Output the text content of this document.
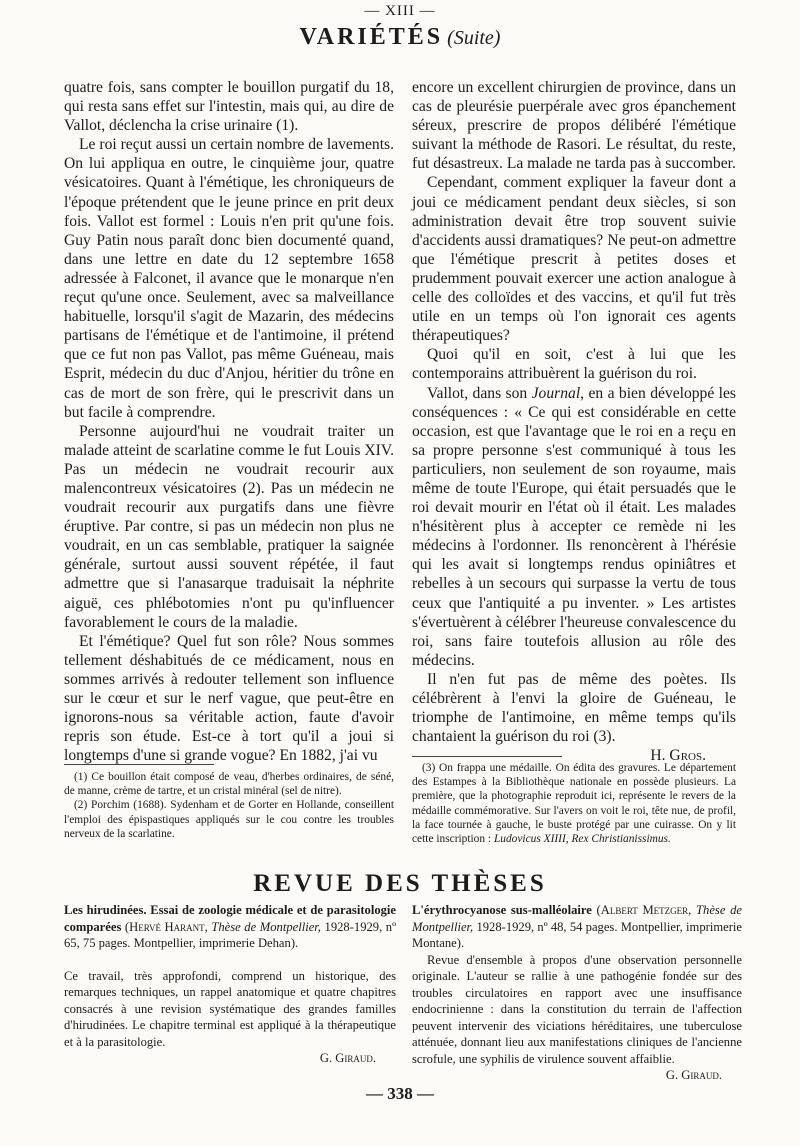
— XIII —
VARIÉTÉS (Suite)

quatre fois, sans compter le bouillon purgatif du 18, qui resta sans effet sur l'intestin, mais qui, au dire de Vallot, déclencha la crise urinaire (1).

Le roi reçut aussi un certain nombre de lavements. On lui appliqua en outre, le cinquième jour, quatre vésicatoires. Quant à l'émétique, les chroniqueurs de l'époque prétendent que le jeune prince en prit deux fois. Vallot est formel : Louis n'en prit qu'une fois. Guy Patin nous paraît donc bien documenté quand, dans une lettre en date du 12 septembre 1658 adressée à Falconet, il avance que le monarque n'en reçut qu'une once. Seulement, avec sa malveillance habituelle, lorsqu'il s'agit de Mazarin, des médecins partisans de l'émétique et de l'antimoine, il prétend que ce fut non pas Vallot, pas même Guéneau, mais Esprit, médecin du duc d'Anjou, héritier du trône en cas de mort de son frère, qui le prescrivit dans un but facile à comprendre.

Personne aujourd'hui ne voudrait traiter un malade atteint de scarlatine comme le fut Louis XIV. Pas un médecin ne voudrait recourir aux malencontreux vésicatoires (2). Pas un médecin ne voudrait recourir aux purgatifs dans une fièvre éruptive. Par contre, si pas un médecin non plus ne voudrait, en un cas semblable, pratiquer la saignée générale, surtout aussi souvent répétée, il faut admettre que si l'anasarque traduisait la néphrite aiguë, ces phlébotomies n'ont pu qu'influencer favorablement le cours de la maladie.

Et l'émétique? Quel fut son rôle? Nous sommes tellement déshabitués de ce médicament, nous en sommes arrivés à redouter tellement son influence sur le cœur et sur le nerf vague, que peut-être en ignorons-nous sa véritable action, faute d'avoir repris son étude. Est-ce à tort qu'il a joui si longtemps d'une si grande vogue? En 1882, j'ai vu

encore un excellent chirurgien de province, dans un cas de pleurésie puerpérale avec gros épanchement séreux, prescrire de propos délibéré l'émétique suivant la méthode de Rasori. Le résultat, du reste, fut désastreux. La malade ne tarda pas à succomber.

Cependant, comment expliquer la faveur dont a joui ce médicament pendant deux siècles, si son administration devait être trop souvent suivie d'accidents aussi dramatiques? Ne peut-on admettre que l'émétique prescrit à petites doses et prudemment pouvait exercer une action analogue à celle des colloïdes et des vaccins, et qu'il fut très utile en un temps où l'on ignorait ces agents thérapeutiques?

Quoi qu'il en soit, c'est à lui que les contemporains attribuèrent la guérison du roi.

Vallot, dans son Journal, en a bien développé les conséquences : « Ce qui est considérable en cette occasion, est que l'avantage que le roi en a reçu en sa propre personne s'est communiqué à tous les particuliers, non seulement de son royaume, mais même de toute l'Europe, qui était persuadés que le roi devait mourir en l'état où il était. Les malades n'hésitèrent plus à accepter ce remède ni les médecins à l'ordonner. Ils renoncèrent à l'hérésie qui les avait si longtemps rendus opiniâtres et rebelles à un secours qui surpasse la vertu de tous ceux que l'antiquité a pu inventer. » Les artistes s'évertuèrent à célébrer l'heureuse convalescence du roi, sans faire toutefois allusion au rôle des médecins.

Il n'en fut pas de même des poètes. Ils célébrèrent à l'envi la gloire de Guéneau, le triomphe de l'antimoine, en même temps qu'ils chantaient la guérison du roi (3).

H. Gros.

(1) Ce bouillon était composé de veau, d'herbes ordinaires, de séné, de manne, crème de tartre, et un cristal minéral (sel de nitre).

(2) Porchim (1688). Sydenham et de Gorter en Hollande, conseillent l'emploi des épispastiques appliqués sur le cou contre les troubles nerveux de la scarlatine.

(3) On frappa une médaille. On édita des gravures. Le département des Estampes à la Bibliothèque nationale en possède plusieurs. La première, que la photographie reproduit ici, représente le revers de la médaille commémorative. Sur l'avers on voit le roi, tête nue, de profil, la face tournée à gauche, le buste protégé par une cuirasse. On y lit cette inscription : Ludovicus XIIII, Rex Christianissimus.

REVUE DES THÈSES

Les hirudinées. Essai de zoologie médicale et de parasitologie comparées (Hervé Harant, Thèse de Montpellier, 1928-1929, nº 65, 75 pages. Montpellier, imprimerie Dehan).

Ce travail, très approfondi, comprend un historique, des remarques techniques, un rappel anatomique et quatre chapitres consacrés à une revision systématique des grandes familles d'hirudinées. Le chapitre terminal est appliqué à la thérapeutique et à la parasitologie.

G. Giraud.

L'érythrocyanose sus-malléolaire (Albert Metzger, Thèse de Montpellier, 1928-1929, nº 48, 54 pages. Montpellier, imprimerie Montane).

Revue d'ensemble à propos d'une observation personnelle originale. L'auteur se rallie à une pathogénie fondée sur des troubles circulatoires en rapport avec une insuffisance endocrinienne : dans la constitution du terrain de l'affection peuvent intervenir des viciations héréditaires, une tuberculose atténuée, donnant lieu aux manifestations cliniques de l'ancienne scrofule, une syphilis de virulence souvent affaiblie.

G. Giraud.

— 338 —
